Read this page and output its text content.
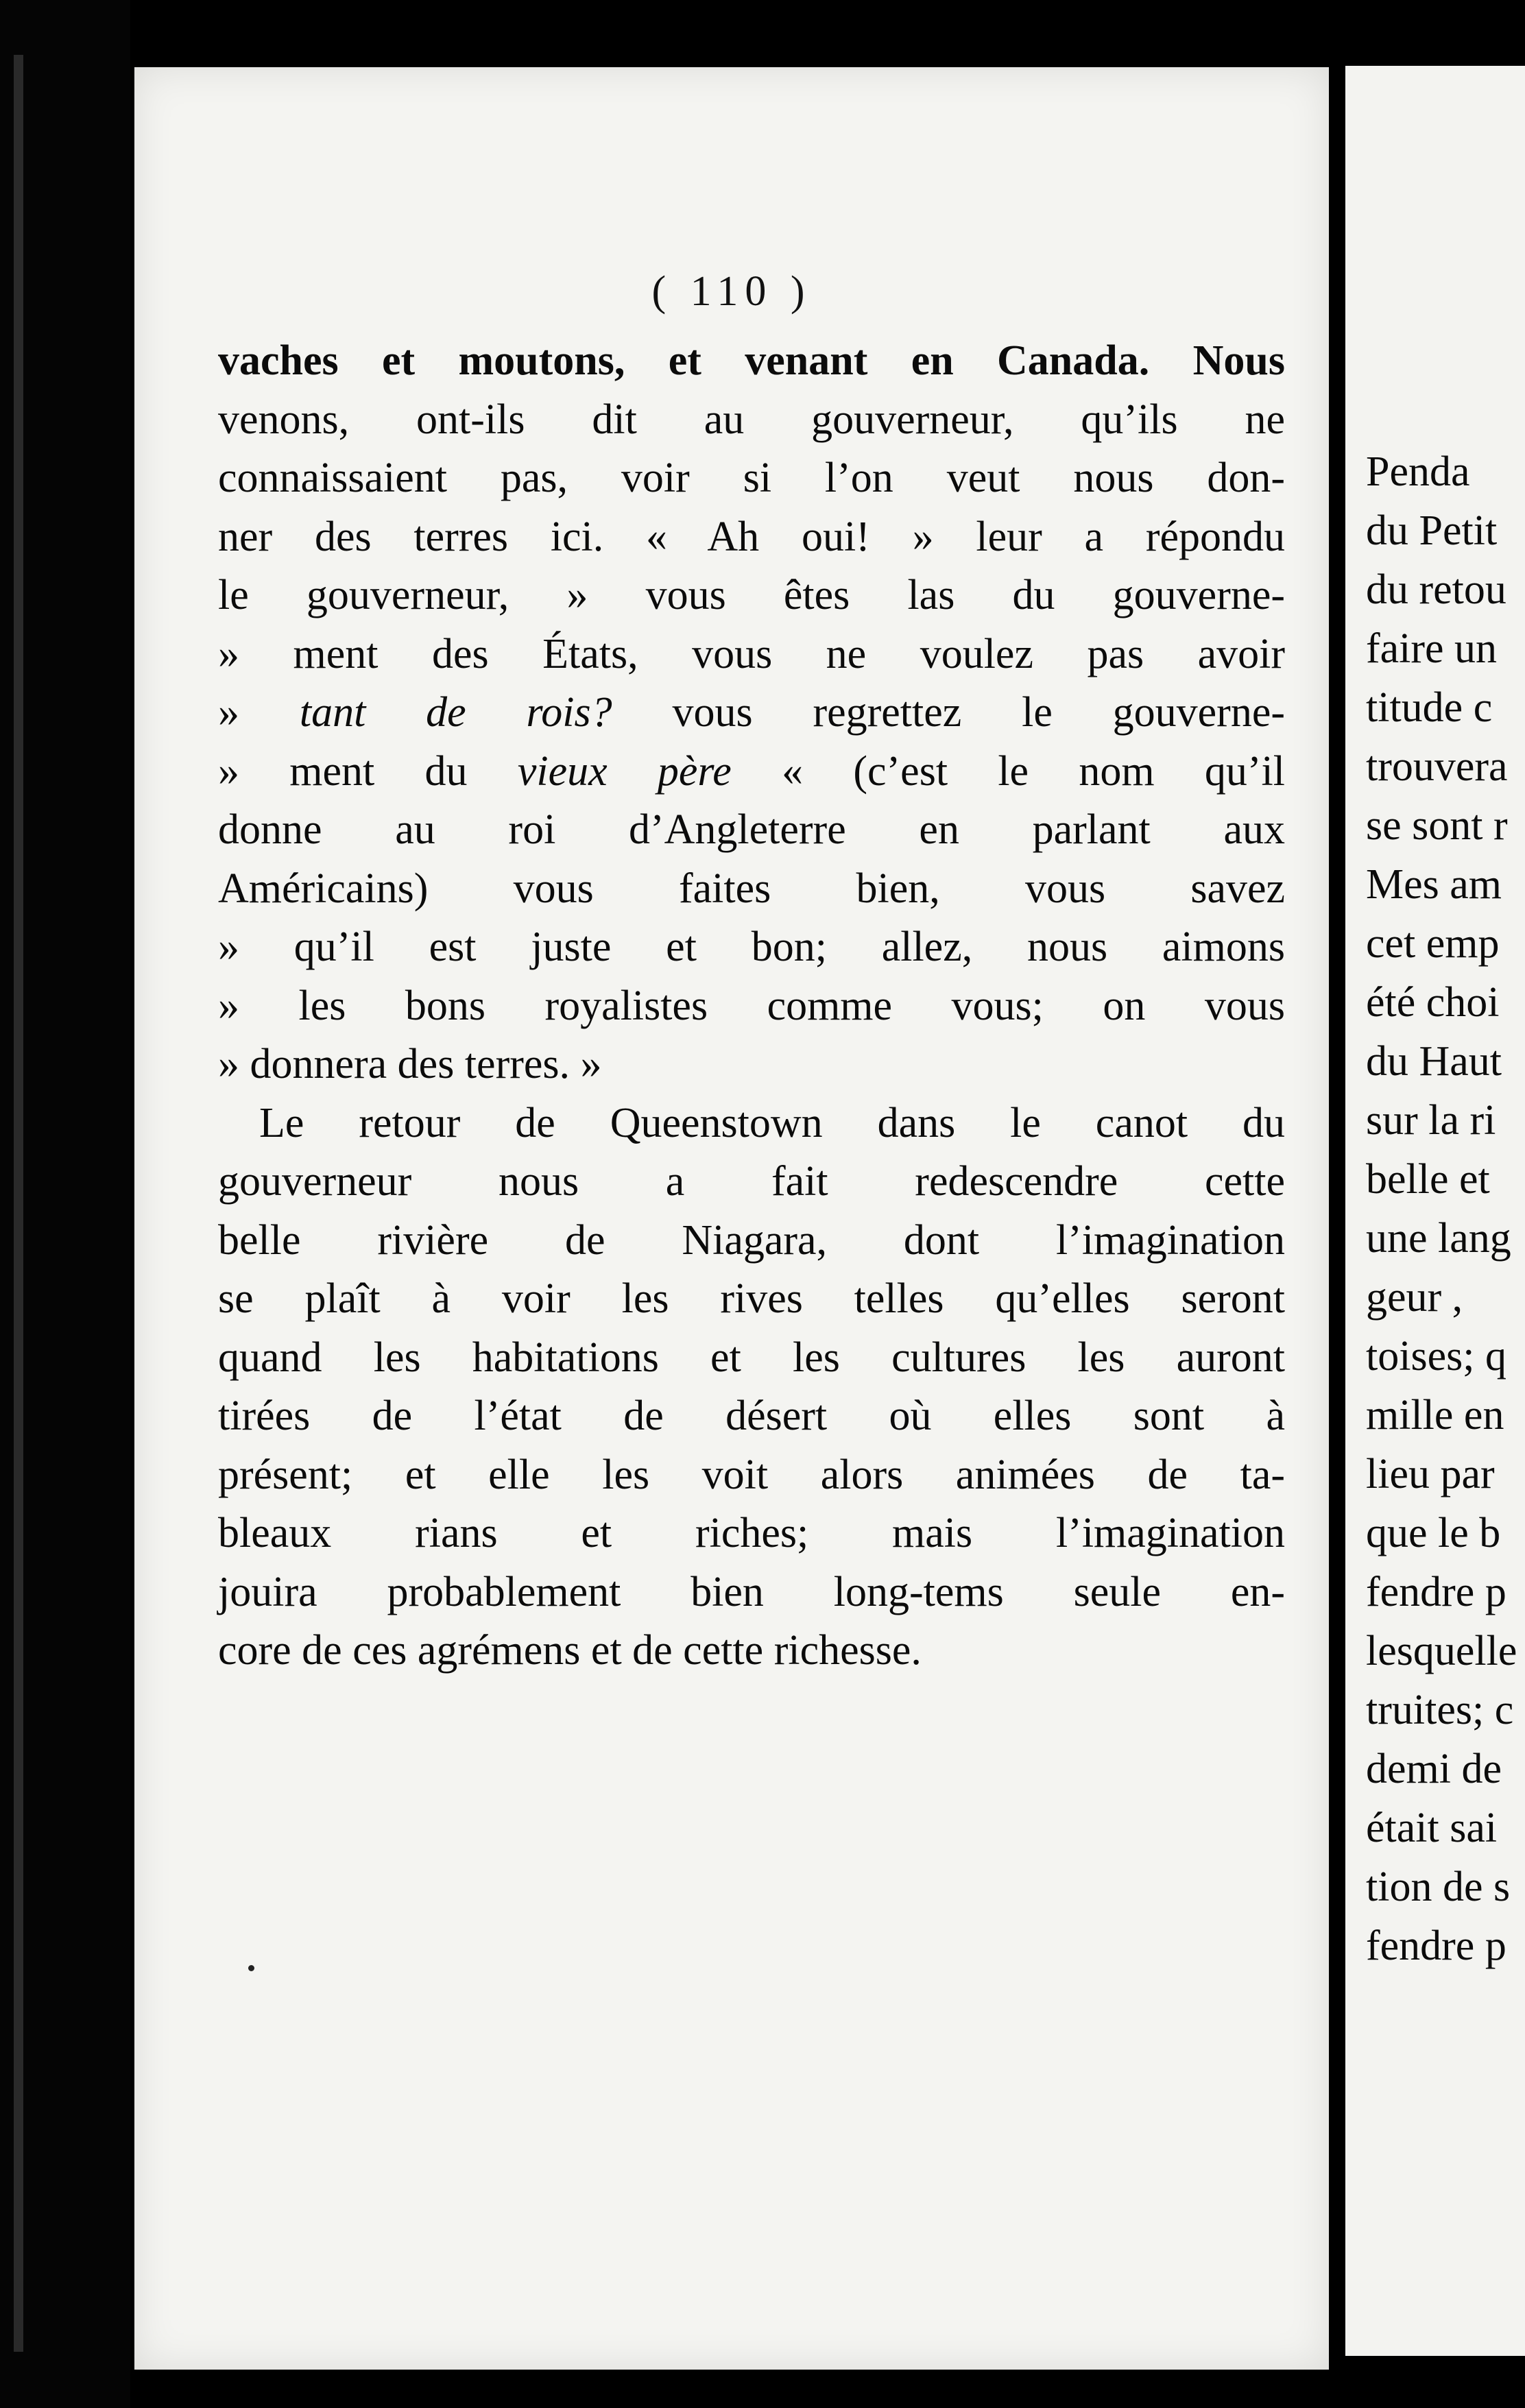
( 110 )
vaches et moutons, et venant en Canada. Nous
venons, ont-ils dit au gouverneur, qu’ils ne
connaissaient pas, voir si l’on veut nous don-
ner des terres ici. « Ah oui! » leur a répondu
le gouverneur, » vous êtes las du gouverne-
» ment des États, vous ne voulez pas avoir
» tant de rois? vous regrettez le gouverne-
» ment du vieux père « (c’est le nom qu’il
donne au roi d’Angleterre en parlant aux
Américains) vous faites bien, vous savez
» qu’il est juste et bon; allez, nous aimons
» les bons royalistes comme vous; on vous
» donnera des terres. »
Le retour de Queenstown dans le canot du
gouverneur nous a fait redescendre cette
belle rivière de Niagara, dont l’imagination
se plaît à voir les rives telles qu’elles seront
quand les habitations et les cultures les auront
tirées de l’état de désert où elles sont à
présent; et elle les voit alors animées de ta-
bleaux rians et riches; mais l’imagination
jouira probablement bien long-tems seule en-
core de ces agrémens et de cette richesse.
Penda
du Petit
du retou
faire un
titude c
trouvera
se sont r
Mes am
cet emp
été choi
du Haut
sur la ri
belle et
une lang
geur ,
toises; q
mille en
lieu par
que le b
fendre p
lesquelle
truites; c
demi de
était sai
tion de s
fendre p
